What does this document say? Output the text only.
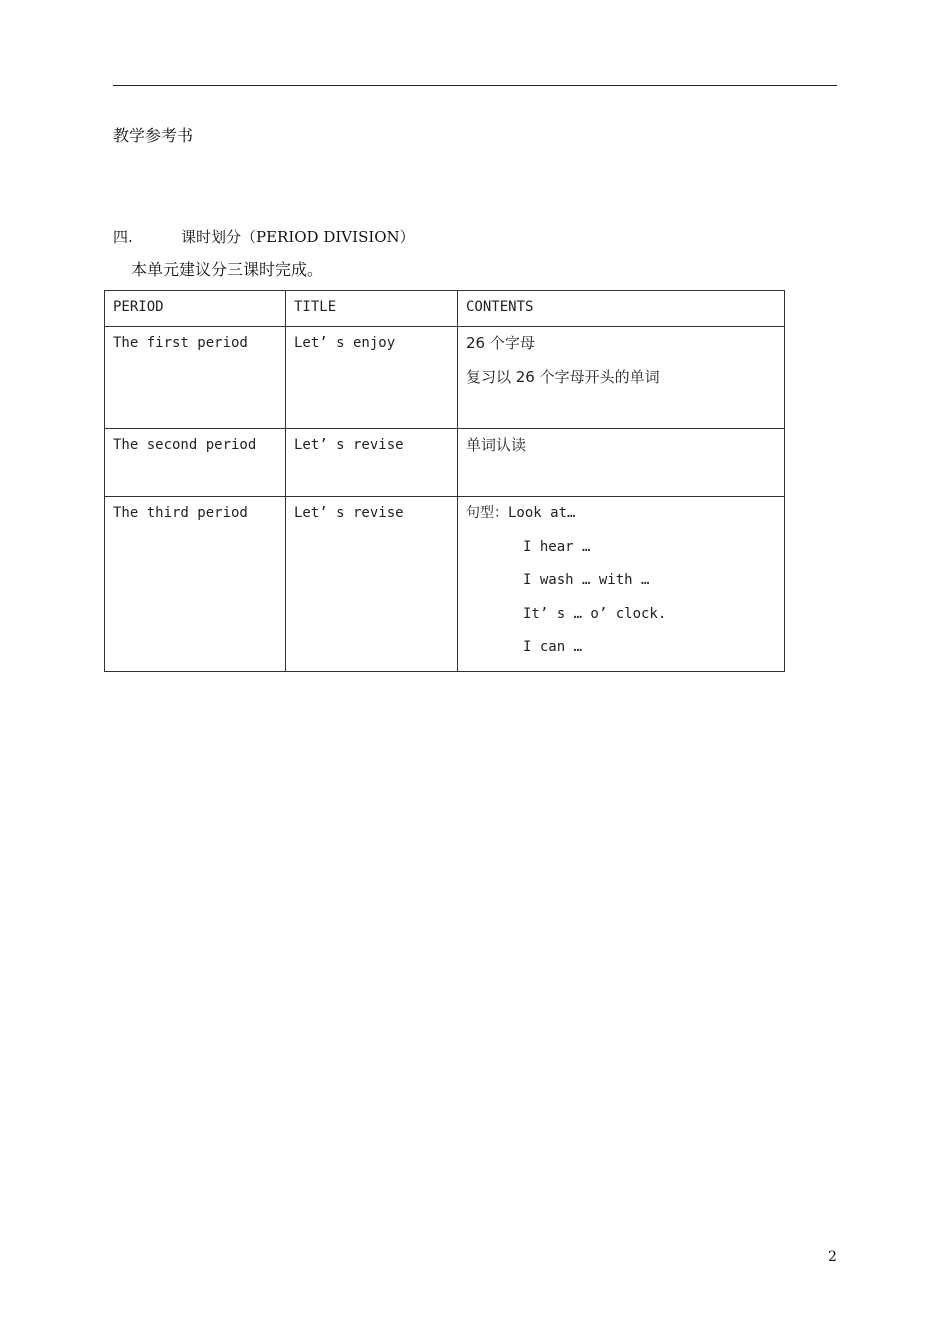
教学参考书
四.	课时划分（PERIOD DIVISION）
本单元建议分三课时完成。
PERIOD	TITLE	CONTENTS
The first period	Let’ s enjoy	26 个字母
复习以 26 个字母开头的单词

The second period	Let’ s revise	单词认读

The third period	Let’ s revise	句型：Look at…
I hear …
I wash … with …
It’ s … o’ clock.
I can …
2
